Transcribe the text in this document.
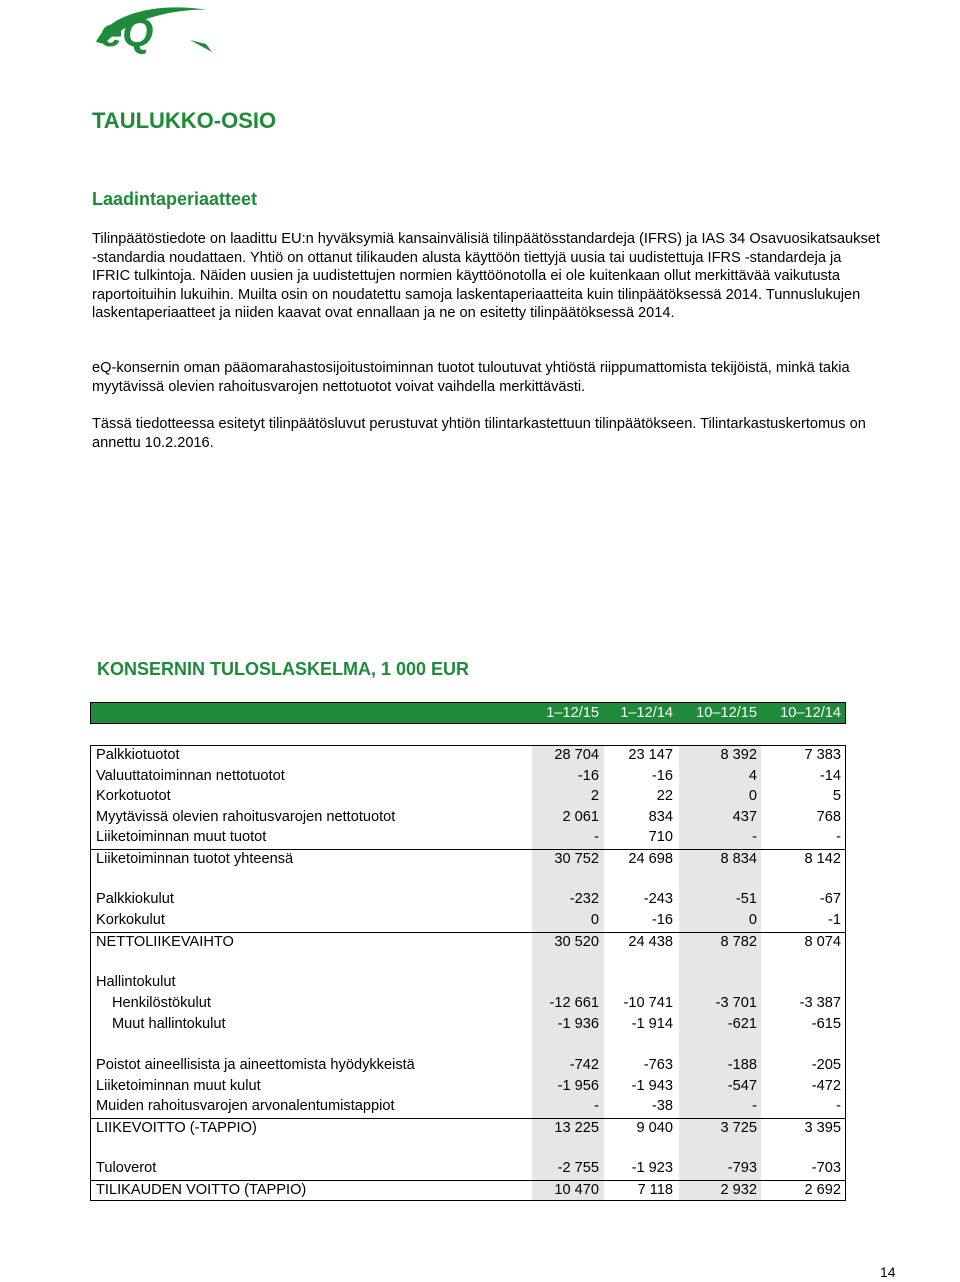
eQ
TAULUKKO-OSIO
Laadintaperiaatteet

Tilinpäätöstiedote on laadittu EU:n hyväksymiä kansainvälisiä tilinpäätösstandardeja (IFRS) ja IAS 34 Osavuosikatsaukset -standardia noudattaen. Yhtiö on ottanut tilikauden alusta käyttöön tiettyjä uusia tai uudistettuja IFRS -standardeja ja IFRIC tulkintoja. Näiden uusien ja uudistettujen normien käyttöönotolla ei ole kuitenkaan ollut merkittävää vaikutusta raportoituihin lukuihin. Muilta osin on noudatettu samoja laskentaperiaatteita kuin tilinpäätöksessä 2014. Tunnuslukujen laskentaperiaatteet ja niiden kaavat ovat ennallaan ja ne on esitetty tilinpäätöksessä 2014.

eQ-konsernin oman pääomarahastosijoitustoiminnan tuotot tuloutuvat yhtiöstä riippumattomista tekijöistä, minkä takia myytävissä olevien rahoitusvarojen nettotuotot voivat vaihdella merkittävästi.

Tässä tiedotteessa esitetyt tilinpäätösluvut perustuvat yhtiön tilintarkastettuun tilinpäätökseen. Tilintarkastuskertomus on annettu 10.2.2016.

KONSERNIN TULOSLASKELMA, 1 000 EUR
1–12/15	1–12/14	10–12/15	10–12/14
Palkkiotuotot	28 704	23 147	8 392	7 383
Valuuttatoiminnan nettotuotot	-16	-16	4	-14
Korkotuotot	2	22	0	5
Myytävissä olevien rahoitusvarojen nettotuotot	2 061	834	437	768
Liiketoiminnan muut tuotot	-	710	-	-
Liiketoiminnan tuotot yhteensä	30 752	24 698	8 834	8 142
Palkkiokulut	-232	-243	-51	-67
Korkokulut	0	-16	0	-1
NETTOLIIKEVAIHTO	30 520	24 438	8 782	8 074
Hallintokulut
Henkilöstökulut	-12 661	-10 741	-3 701	-3 387
Muut hallintokulut	-1 936	-1 914	-621	-615
Poistot aineellisista ja aineettomista hyödykkeistä	-742	-763	-188	-205
Liiketoiminnan muut kulut	-1 956	-1 943	-547	-472
Muiden rahoitusvarojen arvonalentumistappiot	-	-38	-	-
LIIKEVOITTO (-TAPPIO)	13 225	9 040	3 725	3 395
Tuloverot	-2 755	-1 923	-793	-703
TILIKAUDEN VOITTO (TAPPIO)	10 470	7 118	2 932	2 692
14
